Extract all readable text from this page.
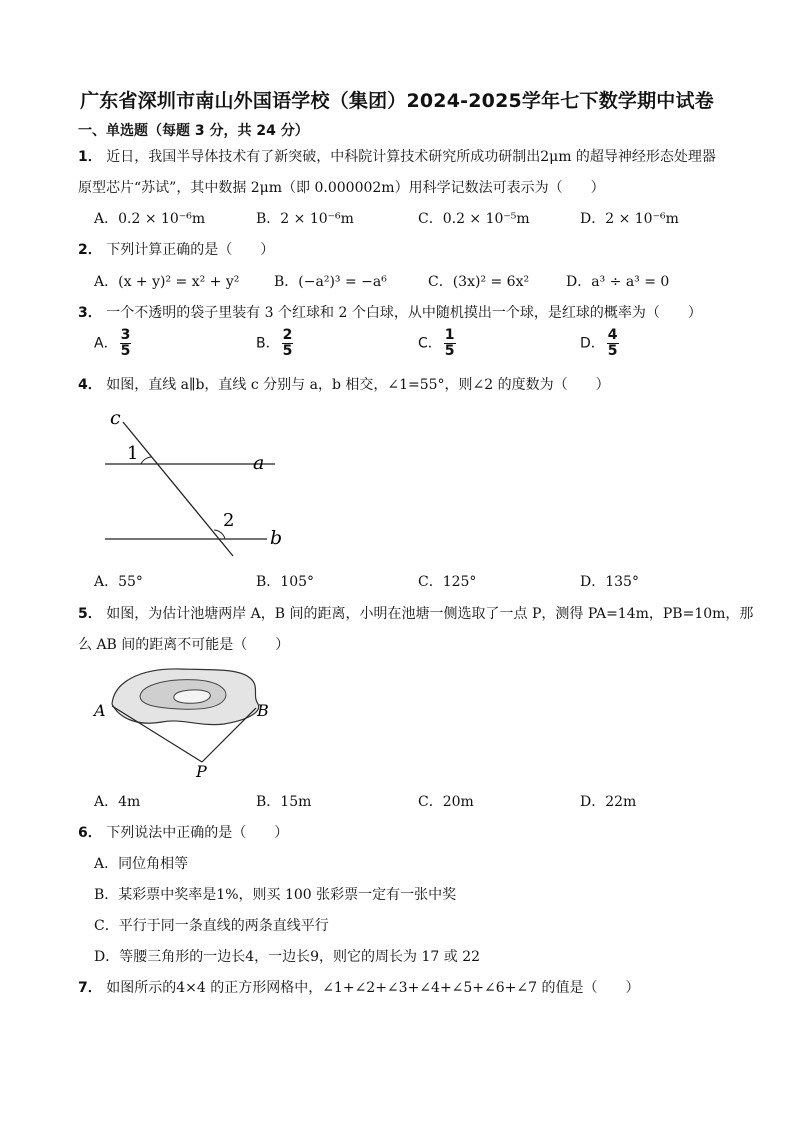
广东省深圳市南山外国语学校（集团）2024-2025学年七下数学期中试卷
一、单选题（每题 3 分，共 24 分）
1． 近日，我国半导体技术有了新突破，中科院计算技术研究所成功研制出2μm 的超导神经形态处理器
原型芯片“苏试”，其中数据 2μm（即 0.000002m）用科学记数法可表示为（　　）
A．0.2 × 10⁻⁶m	B．2 × 10⁻⁶m	C．0.2 × 10⁻⁵m	D．2 × 10⁻⁶m
2． 下列计算正确的是（　　）
A．(x + y)² = x² + y² B．(−a²)³ = −a⁶	C．(3x)² = 6x²	D．a³ ÷ a³ = 0
3． 一个不透明的袋子里装有 3 个红球和 2 个白球，从中随机摸出一个球，是红球的概率为（　　）
A． $\frac{3}{5}$	B． $\frac{2}{5}$	C． $\frac{1}{5}$	D． $\frac{4}{5}$
4． 如图，直线 a∥b，直线 c 分别与 a，b 相交，∠1=55°，则∠2 的度数为（　　）
c
1	a
2
b
A．55°	B．105°	C．125°	D．135°
5． 如图，为估计池塘两岸 A，B 间的距离，小明在池塘一侧选取了一点 P，测得 PA=14m，PB=10m，那
么 AB 间的距离不可能是（　　）
A	B
P
A．4m	B．15m	C．20m	D．22m
6． 下列说法中正确的是（　　）
A．同位角相等
B．某彩票中奖率是1%，则买 100 张彩票一定有一张中奖
C．平行于同一条直线的两条直线平行
D．等腰三角形的一边长4，一边长9，则它的周长为 17 或 22
7． 如图所示的4×4 的正方形网格中，∠1+∠2+∠3+∠4+∠5+∠6+∠7 的值是（　　）
